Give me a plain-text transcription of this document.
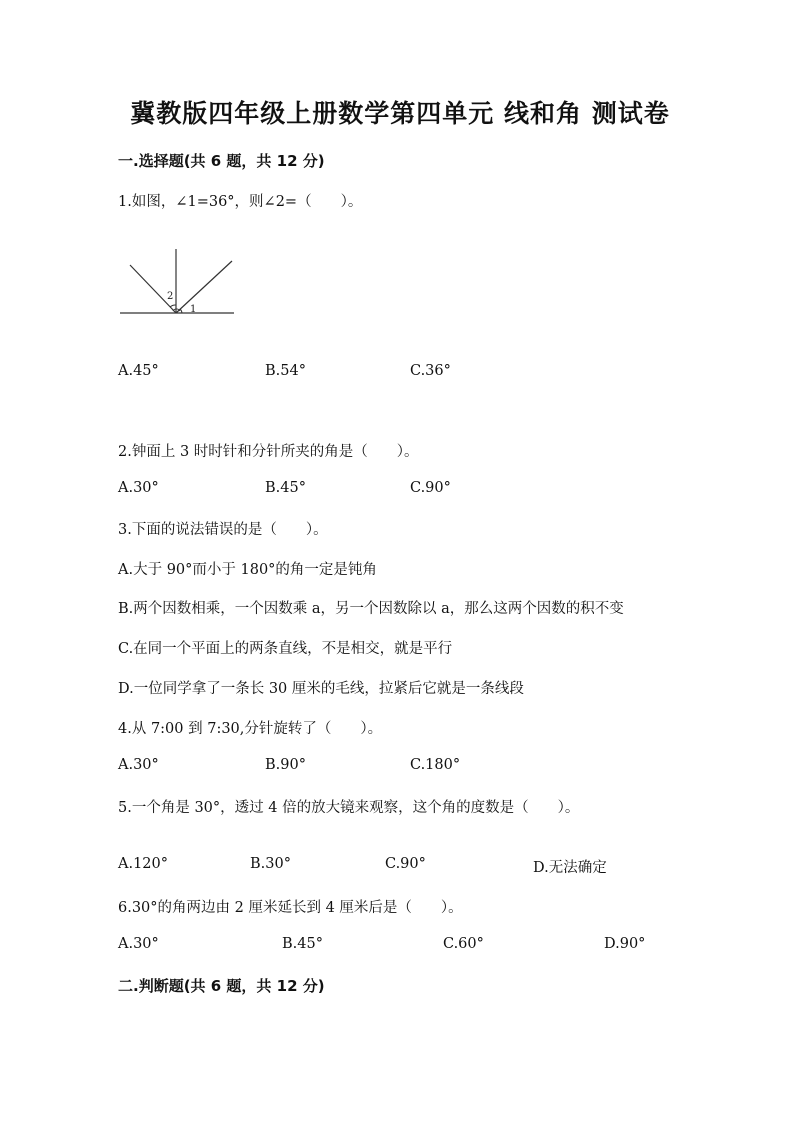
冀教版四年级上册数学第四单元 线和角 测试卷
一.选择题(共 6 题，共 12 分)
1.如图，∠1=36°，则∠2=（　　）。
2
1
A.45°	B.54°	C.36°
2.钟面上 3 时时针和分针所夹的角是（　　）。
A.30°	B.45°	C.90°
3.下面的说法错误的是（　　）。
A.大于 90°而小于 180°的角一定是钝角
B.两个因数相乘，一个因数乘 a，另一个因数除以 a，那么这两个因数的积不变
C.在同一个平面上的两条直线，不是相交，就是平行
D.一位同学拿了一条长 30 厘米的毛线，拉紧后它就是一条线段
4.从 7:00 到 7:30,分针旋转了（　　）。
A.30°	B.90°	C.180°
5.一个角是 30°，透过 4 倍的放大镜来观察，这个角的度数是（　　）。
A.120°	B.30°	C.90°	D.无法确定
6.30°的角两边由 2 厘米延长到 4 厘米后是（　　）。
A.30°	B.45°	C.60°	D.90°
二.判断题(共 6 题，共 12 分)
